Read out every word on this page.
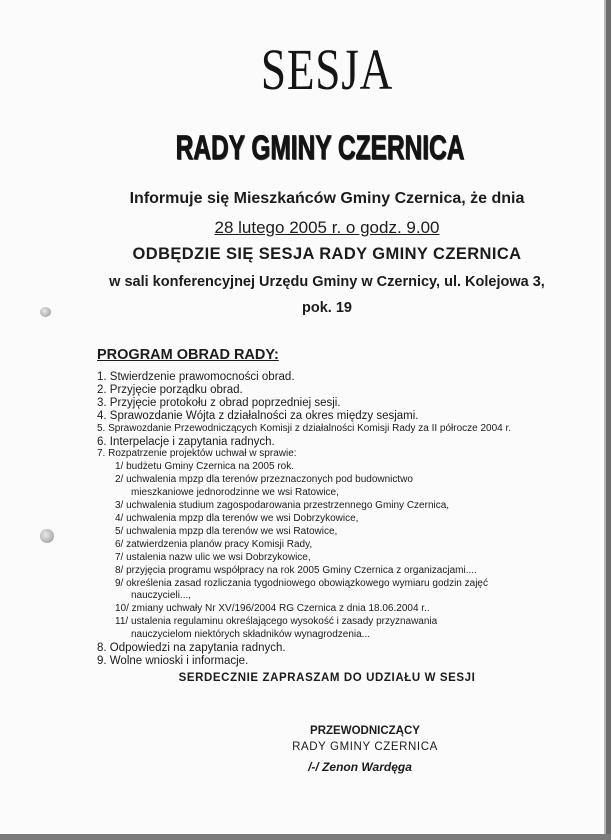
SESJA
RADY GMINY CZERNICA
Informuje się Mieszkańców Gminy Czernica, że dnia
28 lutego 2005 r. o godz. 9.00
ODBĘDZIE SIĘ SESJA RADY GMINY CZERNICA
w sali konferencyjnej Urzędu Gminy w Czernicy, ul. Kolejowa 3,
pok. 19
PROGRAM OBRAD RADY:
1. Stwierdzenie prawomocności obrad.
2. Przyjęcie porządku obrad.
3. Przyjęcie protokołu z obrad poprzedniej sesji.
4. Sprawozdanie Wójta z działalności za okres między sesjami.
5. Sprawozdanie Przewodniczących Komisji z działalności Komisji Rady za II półrocze 2004 r.
6. Interpelacje i zapytania radnych.
7. Rozpatrzenie projektów uchwał w sprawie:
1/ budżetu Gminy Czernica na 2005 rok.
2/ uchwalenia mpzp dla terenów przeznaczonych pod budownictwo
mieszkaniowe jednorodzinne we wsi Ratowice,
3/ uchwalenia studium zagospodarowania przestrzennego Gminy Czernica,
4/ uchwalenia mpzp dla terenów we wsi Dobrzykowice,
5/ uchwalenia mpzp dla terenów we wsi Ratowice,
6/ zatwierdzenia planów pracy Komisji Rady,
7/ ustalenia nazw ulic we wsi Dobrzykowice,
8/ przyjęcia programu współpracy na rok 2005 Gminy Czernica z organizacjami....
9/ określenia zasad rozliczania tygodniowego obowiązkowego wymiaru godzin zajęć
nauczycieli...,
10/ zmiany uchwały Nr XV/196/2004 RG Czernica z dnia 18.06.2004 r..
11/ ustalenia regulaminu określającego wysokość i zasady przyznawania
nauczycielom niektórych składników wynagrodzenia...
8. Odpowiedzi na zapytania radnych.
9. Wolne wnioski i informacje.
SERDECZNIE ZAPRASZAM DO UDZIAŁU W SESJI
PRZEWODNICZĄCY
RADY GMINY CZERNICA
/-/ Zenon Wardęga
